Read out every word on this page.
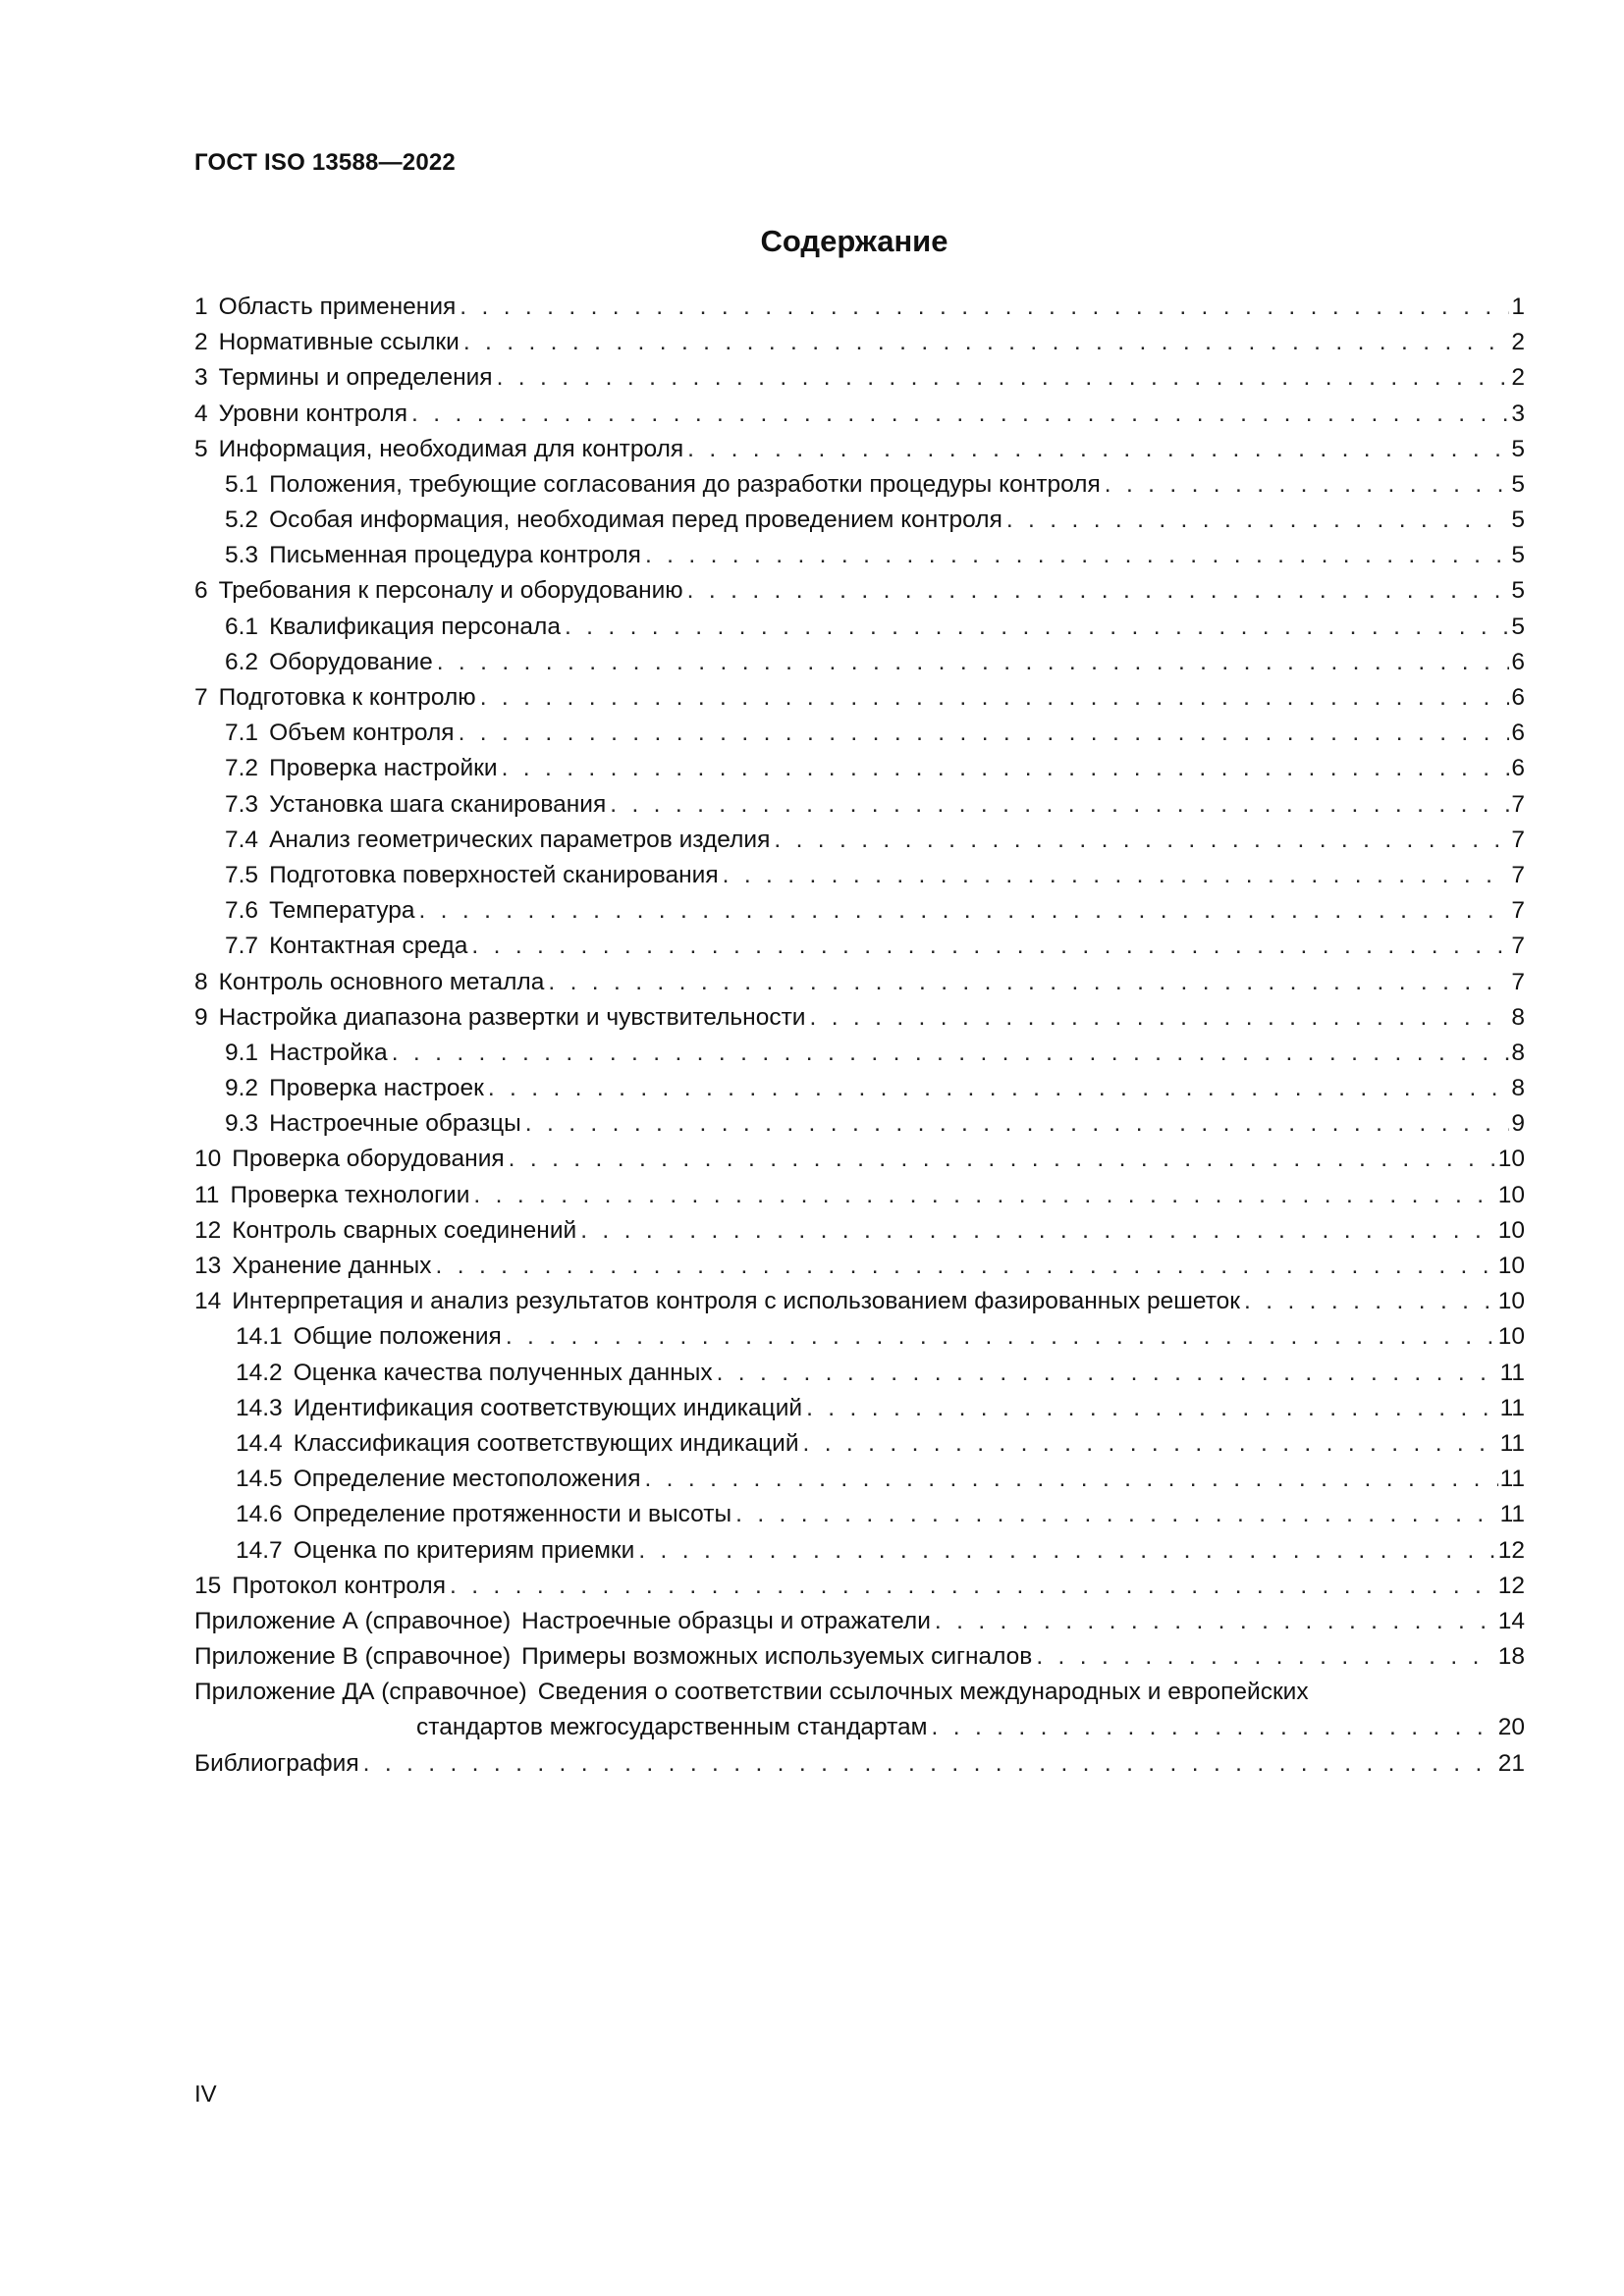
ГОСТ ISO 13588—2022
Содержание
1 Область применения . . .	1
2 Нормативные ссылки . . .	2
3 Термины и определения . . .	2
4 Уровни контроля . . .	3
5 Информация, необходимая для контроля . . .	5
5.1 Положения, требующие согласования до разработки процедуры контроля . . .	5
5.2 Особая информация, необходимая перед проведением контроля . . .	5
5.3 Письменная процедура контроля . . .	5
6 Требования к персоналу и оборудованию . . .	5
6.1 Квалификация персонала . . .	5
6.2 Оборудование . . .	6
7 Подготовка к контролю . . .	6
7.1 Объем контроля . . .	6
7.2 Проверка настройки . . .	6
7.3 Установка шага сканирования . . .	7
7.4 Анализ геометрических параметров изделия . . .	7
7.5 Подготовка поверхностей сканирования . . .	7
7.6 Температура . . .	7
7.7 Контактная среда . . .	7
8 Контроль основного металла . . .	7
9 Настройка диапазона развертки и чувствительности . . .	8
9.1 Настройка . . .	8
9.2 Проверка настроек . . .	8
9.3 Настроечные образцы . . .	9
10 Проверка оборудования . . .	10
11 Проверка технологии . . .	10
12 Контроль сварных соединений . . .	10
13 Хранение данных . . .	10
14 Интерпретация и анализ результатов контроля с использованием фазированных решеток . . .	10
14.1 Общие положения . . .	10
14.2 Оценка качества полученных данных . . .	11
14.3 Идентификация соответствующих индикаций . . .	11
14.4 Классификация соответствующих индикаций . . .	11
14.5 Определение местоположения . . .	11
14.6 Определение протяженности и высоты . . .	11
14.7 Оценка по критериям приемки . . .	12
15 Протокол контроля . . .	12
Приложение А (справочное) Настроечные образцы и отражатели . . .	14
Приложение В (справочное) Примеры возможных используемых сигналов . . .	18
Приложение ДА (справочное) Сведения о соответствии ссылочных международных и европейских
стандартов межгосударственным стандартам . . .	20
Библиография . . .	21
IV
